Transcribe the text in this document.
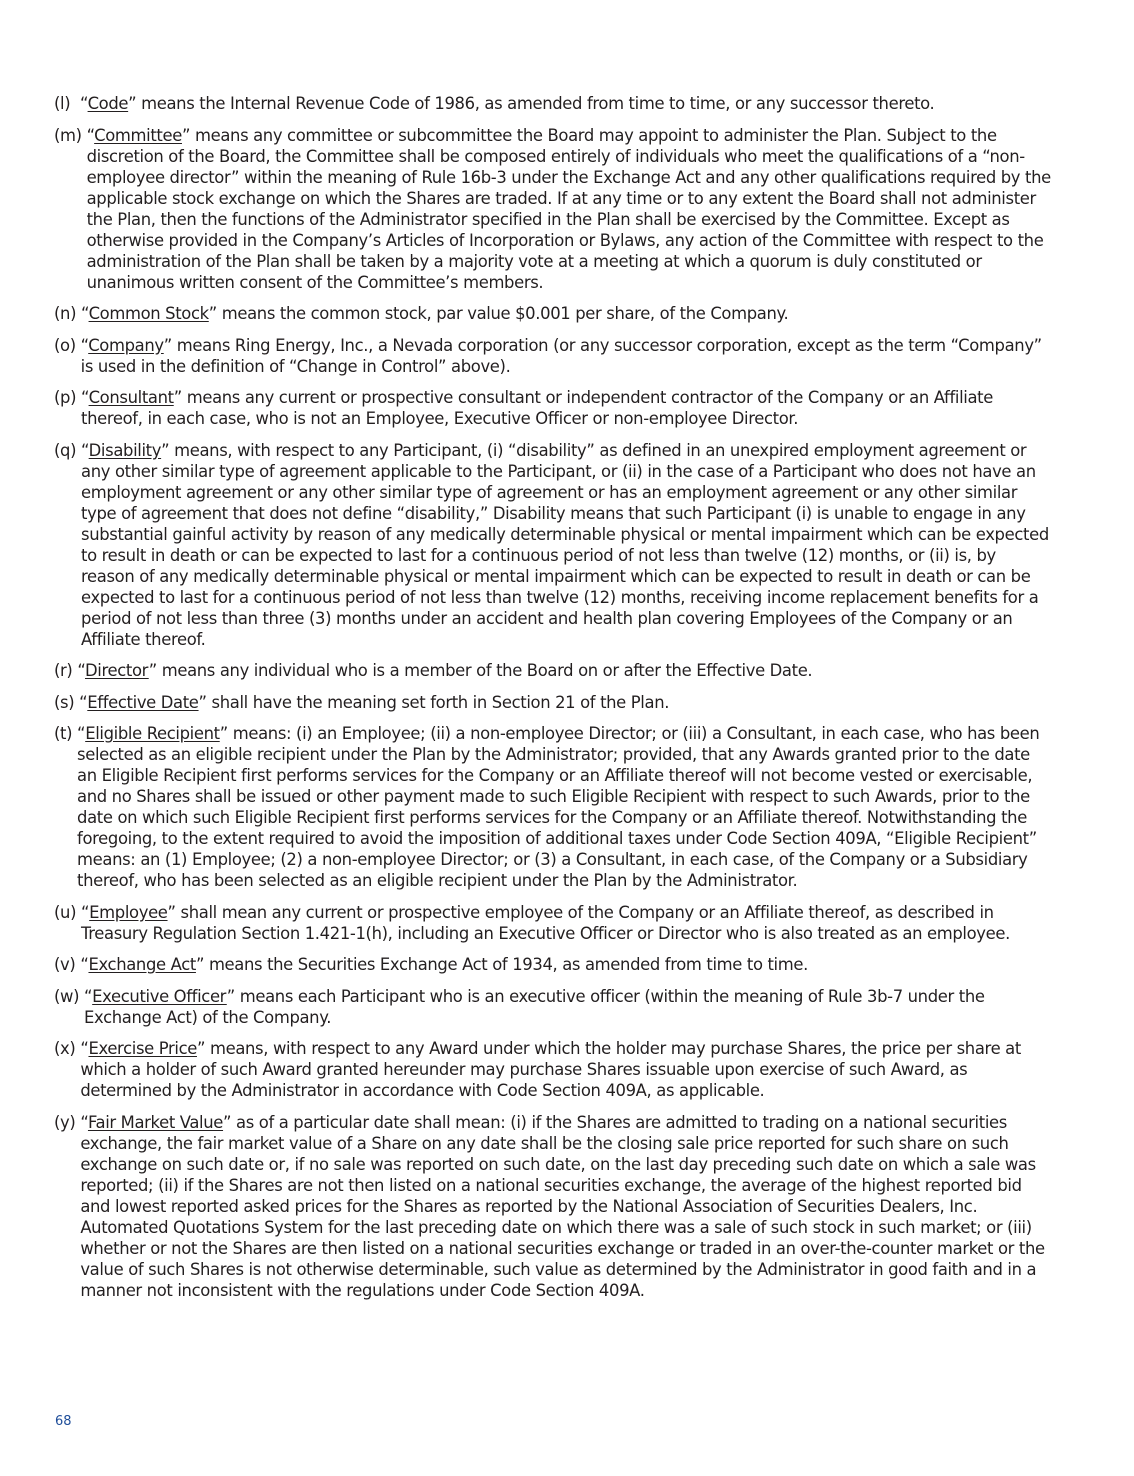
(l) “Code” means the Internal Revenue Code of 1986, as amended from time to time, or any successor thereto.
(m) “Committee” means any committee or subcommittee the Board may appoint to administer the Plan. Subject to the discretion of the Board, the Committee shall be composed entirely of individuals who meet the qualifications of a “non-employee director” within the meaning of Rule 16b-3 under the Exchange Act and any other qualifications required by the applicable stock exchange on which the Shares are traded. If at any time or to any extent the Board shall not administer the Plan, then the functions of the Administrator specified in the Plan shall be exercised by the Committee. Except as otherwise provided in the Company’s Articles of Incorporation or Bylaws, any action of the Committee with respect to the administration of the Plan shall be taken by a majority vote at a meeting at which a quorum is duly constituted or unanimous written consent of the Committee’s members.
(n) “Common Stock” means the common stock, par value $0.001 per share, of the Company.
(o) “Company” means Ring Energy, Inc., a Nevada corporation (or any successor corporation, except as the term “Company” is used in the definition of “Change in Control” above).
(p) “Consultant” means any current or prospective consultant or independent contractor of the Company or an Affiliate thereof, in each case, who is not an Employee, Executive Officer or non-employee Director.
(q) “Disability” means, with respect to any Participant, (i) “disability” as defined in an unexpired employment agreement or any other similar type of agreement applicable to the Participant, or (ii) in the case of a Participant who does not have an employment agreement or any other similar type of agreement or has an employment agreement or any other similar type of agreement that does not define “disability,” Disability means that such Participant (i) is unable to engage in any substantial gainful activity by reason of any medically determinable physical or mental impairment which can be expected to result in death or can be expected to last for a continuous period of not less than twelve (12) months, or (ii) is, by reason of any medically determinable physical or mental impairment which can be expected to result in death or can be expected to last for a continuous period of not less than twelve (12) months, receiving income replacement benefits for a period of not less than three (3) months under an accident and health plan covering Employees of the Company or an Affiliate thereof.
(r) “Director” means any individual who is a member of the Board on or after the Effective Date.
(s) “Effective Date” shall have the meaning set forth in Section 21 of the Plan.
(t) “Eligible Recipient” means: (i) an Employee; (ii) a non-employee Director; or (iii) a Consultant, in each case, who has been selected as an eligible recipient under the Plan by the Administrator; provided, that any Awards granted prior to the date an Eligible Recipient first performs services for the Company or an Affiliate thereof will not become vested or exercisable, and no Shares shall be issued or other payment made to such Eligible Recipient with respect to such Awards, prior to the date on which such Eligible Recipient first performs services for the Company or an Affiliate thereof. Notwithstanding the foregoing, to the extent required to avoid the imposition of additional taxes under Code Section 409A, “Eligible Recipient” means: an (1) Employee; (2) a non-employee Director; or (3) a Consultant, in each case, of the Company or a Subsidiary thereof, who has been selected as an eligible recipient under the Plan by the Administrator.
(u) “Employee” shall mean any current or prospective employee of the Company or an Affiliate thereof, as described in Treasury Regulation Section 1.421-1(h), including an Executive Officer or Director who is also treated as an employee.
(v) “Exchange Act” means the Securities Exchange Act of 1934, as amended from time to time.
(w) “Executive Officer” means each Participant who is an executive officer (within the meaning of Rule 3b-7 under the Exchange Act) of the Company.
(x) “Exercise Price” means, with respect to any Award under which the holder may purchase Shares, the price per share at which a holder of such Award granted hereunder may purchase Shares issuable upon exercise of such Award, as determined by the Administrator in accordance with Code Section 409A, as applicable.
(y) “Fair Market Value” as of a particular date shall mean: (i) if the Shares are admitted to trading on a national securities exchange, the fair market value of a Share on any date shall be the closing sale price reported for such share on such exchange on such date or, if no sale was reported on such date, on the last day preceding such date on which a sale was reported; (ii) if the Shares are not then listed on a national securities exchange, the average of the highest reported bid and lowest reported asked prices for the Shares as reported by the National Association of Securities Dealers, Inc. Automated Quotations System for the last preceding date on which there was a sale of such stock in such market; or (iii) whether or not the Shares are then listed on a national securities exchange or traded in an over-the-counter market or the value of such Shares is not otherwise determinable, such value as determined by the Administrator in good faith and in a manner not inconsistent with the regulations under Code Section 409A.
68
